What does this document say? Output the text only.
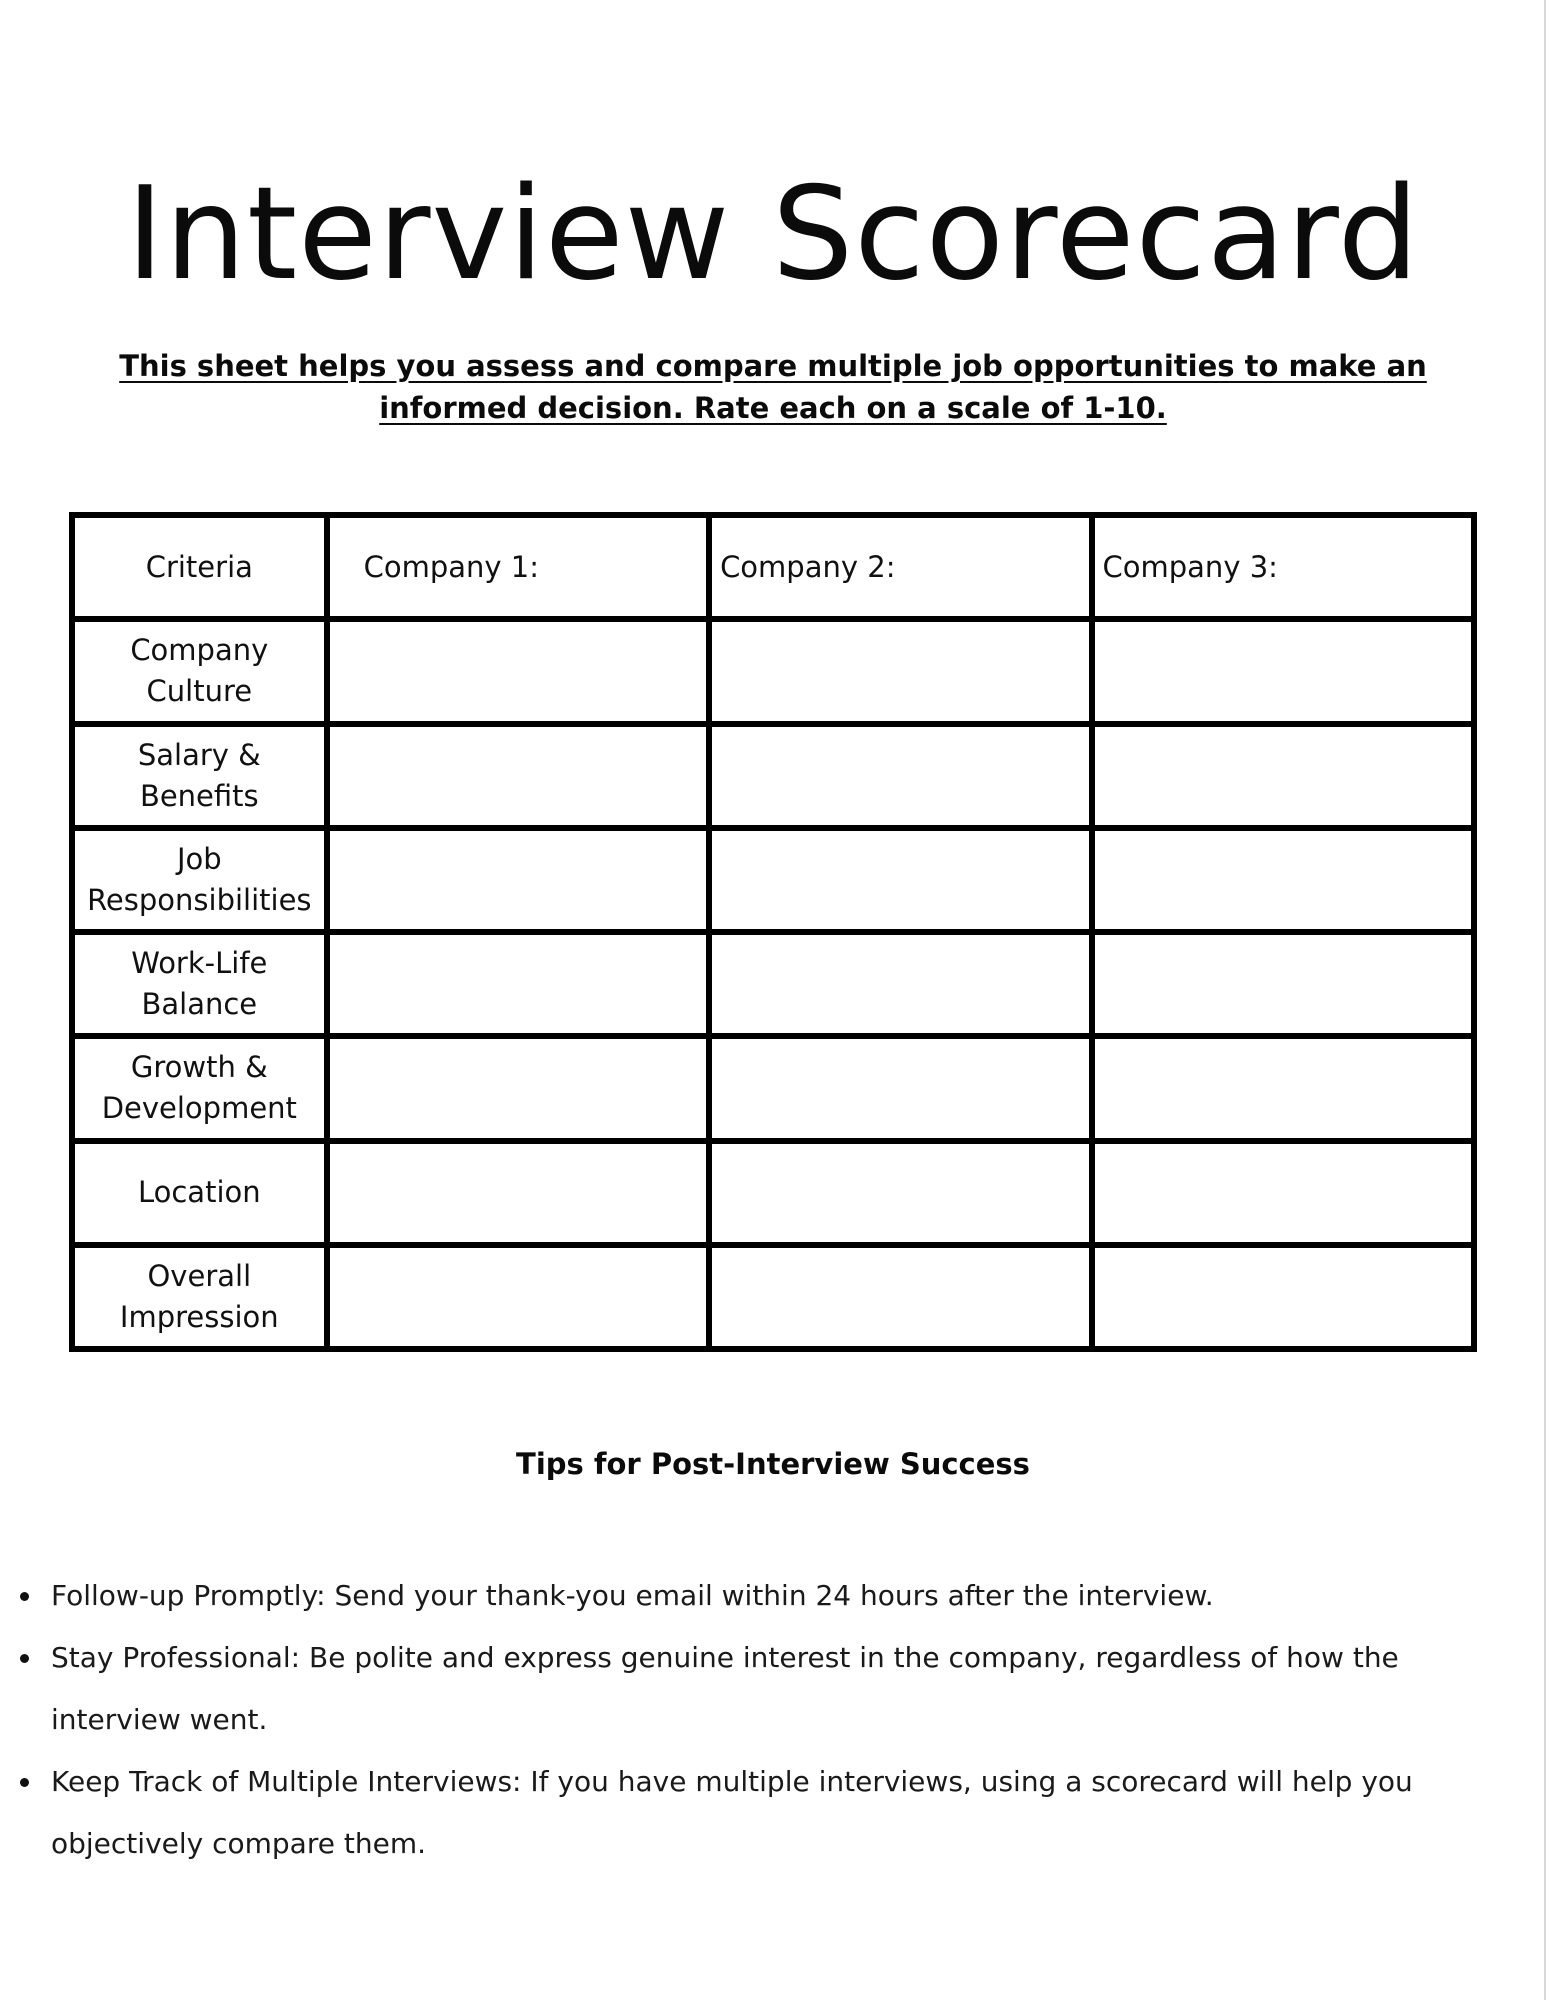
Interview Scorecard

This sheet helps you assess and compare multiple job opportunities to make an informed decision. Rate each on a scale of 1-10.

Criteria	Company 1:	Company 2:	Company 3:
Company Culture			
Salary & Benefits			
Job Responsibilities			
Work-Life Balance			
Growth & Development			
Location			
Overall Impression			
Tips for Post-Interview Success
Follow-up Promptly: Send your thank-you email within 24 hours after the interview.
Stay Professional: Be polite and express genuine interest in the company, regardless of how the interview went.
Keep Track of Multiple Interviews: If you have multiple interviews, using a scorecard will help you objectively compare them.
